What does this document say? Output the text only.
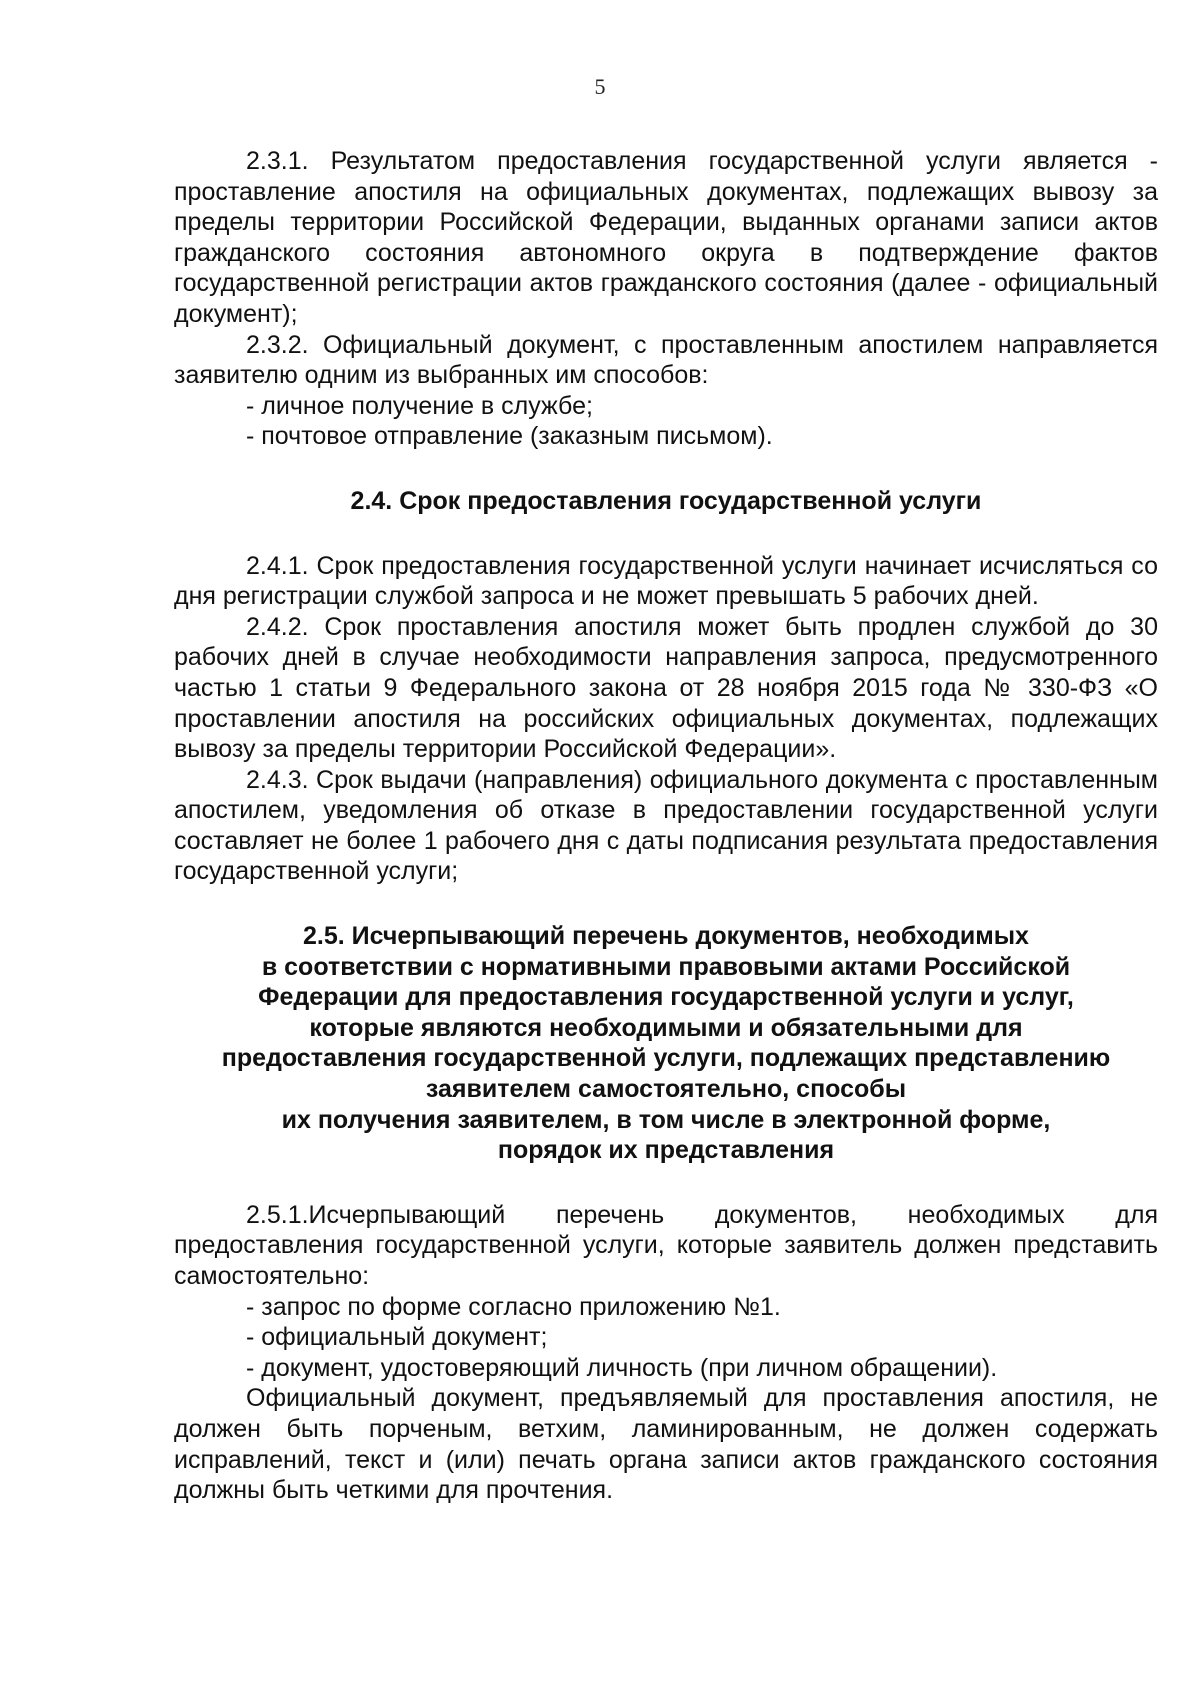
5

2.3.1. Результатом предоставления государственной услуги является - проставление апостиля на официальных документах, подлежащих вывозу за пределы территории Российской Федерации, выданных органами записи актов гражданского состояния автономного округа в подтверждение фактов государственной регистрации актов гражданского состояния (далее - официальный документ);

2.3.2. Официальный документ, с проставленным апостилем направляется заявителю одним из выбранных им способов:

- личное получение в службе;

- почтовое отправление (заказным письмом).

2.4. Срок предоставления государственной услуги

2.4.1. Срок предоставления государственной услуги начинает исчисляться со дня регистрации службой запроса и не может превышать 5 рабочих дней.

2.4.2. Срок проставления апостиля может быть продлен службой до 30 рабочих дней в случае необходимости направления запроса, предусмотренного частью 1 статьи 9 Федерального закона от 28 ноября 2015 года № 330-ФЗ «О проставлении апостиля на российских официальных документах, подлежащих вывозу за пределы территории Российской Федерации».

2.4.3. Срок выдачи (направления) официального документа с проставленным апостилем, уведомления об отказе в предоставлении государственной услуги составляет не более 1 рабочего дня с даты подписания результата предоставления государственной услуги;

2.5. Исчерпывающий перечень документов, необходимых
в соответствии с нормативными правовыми актами Российской
Федерации для предоставления государственной услуги и услуг,
которые являются необходимыми и обязательными для
предоставления государственной услуги, подлежащих представлению
заявителем самостоятельно, способы
их получения заявителем, в том числе в электронной форме,
порядок их представления

2.5.1.Исчерпывающий перечень документов, необходимых для предоставления государственной услуги, которые заявитель должен представить самостоятельно:

- запрос по форме согласно приложению №1.

- официальный документ;

- документ, удостоверяющий личность (при личном обращении).

Официальный документ, предъявляемый для проставления апостиля, не должен быть порченым, ветхим, ламинированным, не должен содержать исправлений, текст и (или) печать органа записи актов гражданского состояния должны быть четкими для прочтения.
